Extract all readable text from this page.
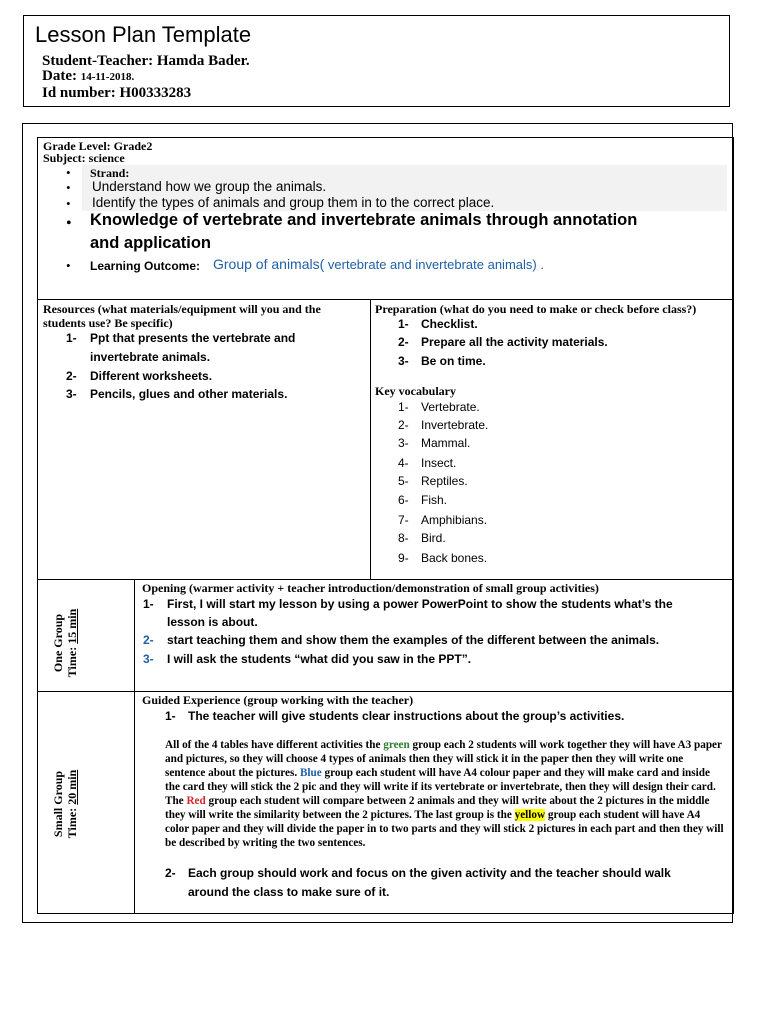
Lesson Plan Template
Student-Teacher: Hamda Bader.
Date: 14-11-2018.
Id number: H00333283
Grade Level: Grade2
Subject: science
• Strand:
• Understand how we group the animals.
• Identify the types of animals and group them in to the correct place.
• Knowledge of vertebrate and invertebrate animals through annotation
and application
• Learning Outcome: Group of animals( vertebrate and invertebrate animals) .
Resources (what materials/equipment will you and the
students use? Be specific)
1- Ppt that presents the vertebrate and
invertebrate animals.
2- Different worksheets.
3- Pencils, glues and other materials.
Preparation (what do you need to make or check before class?)
1- Checklist.
2- Prepare all the activity materials.
3- Be on time.
Key vocabulary
1- Vertebrate.
2- Invertebrate.
3- Mammal.
4- Insect.
5- Reptiles.
6- Fish.
7- Amphibians.
8- Bird.
9- Back bones.
One Group Time: 15 min
Opening (warmer activity + teacher introduction/demonstration of small group activities)
1- First, I will start my lesson by using a power PowerPoint to show the students what’s the
lesson is about.
2- start teaching them and show them the examples of the different between the animals.
3- I will ask the students “what did you saw in the PPT”.
Small Group Time: 20 min
Guided Experience (group working with the teacher)
1- The teacher will give students clear instructions about the group’s activities.
All of the 4 tables have different activities the green group each 2 students will work together they will have A3 paper and pictures, so they will choose 4 types of animals then they will stick it in the paper then they will write one sentence about the pictures. Blue group each student will have A4 colour paper and they will make card and inside the card they will stick the 2 pic and they will write if its vertebrate or invertebrate, then they will design their card. The Red group each student will compare between 2 animals and they will write about the 2 pictures in the middle they will write the similarity between the 2 pictures. The last group is the yellow group each student will have A4 color paper and they will divide the paper in to two parts and they will stick 2 pictures in each part and then they will be described by writing the two sentences.
2- Each group should work and focus on the given activity and the teacher should walk
around the class to make sure of it.
